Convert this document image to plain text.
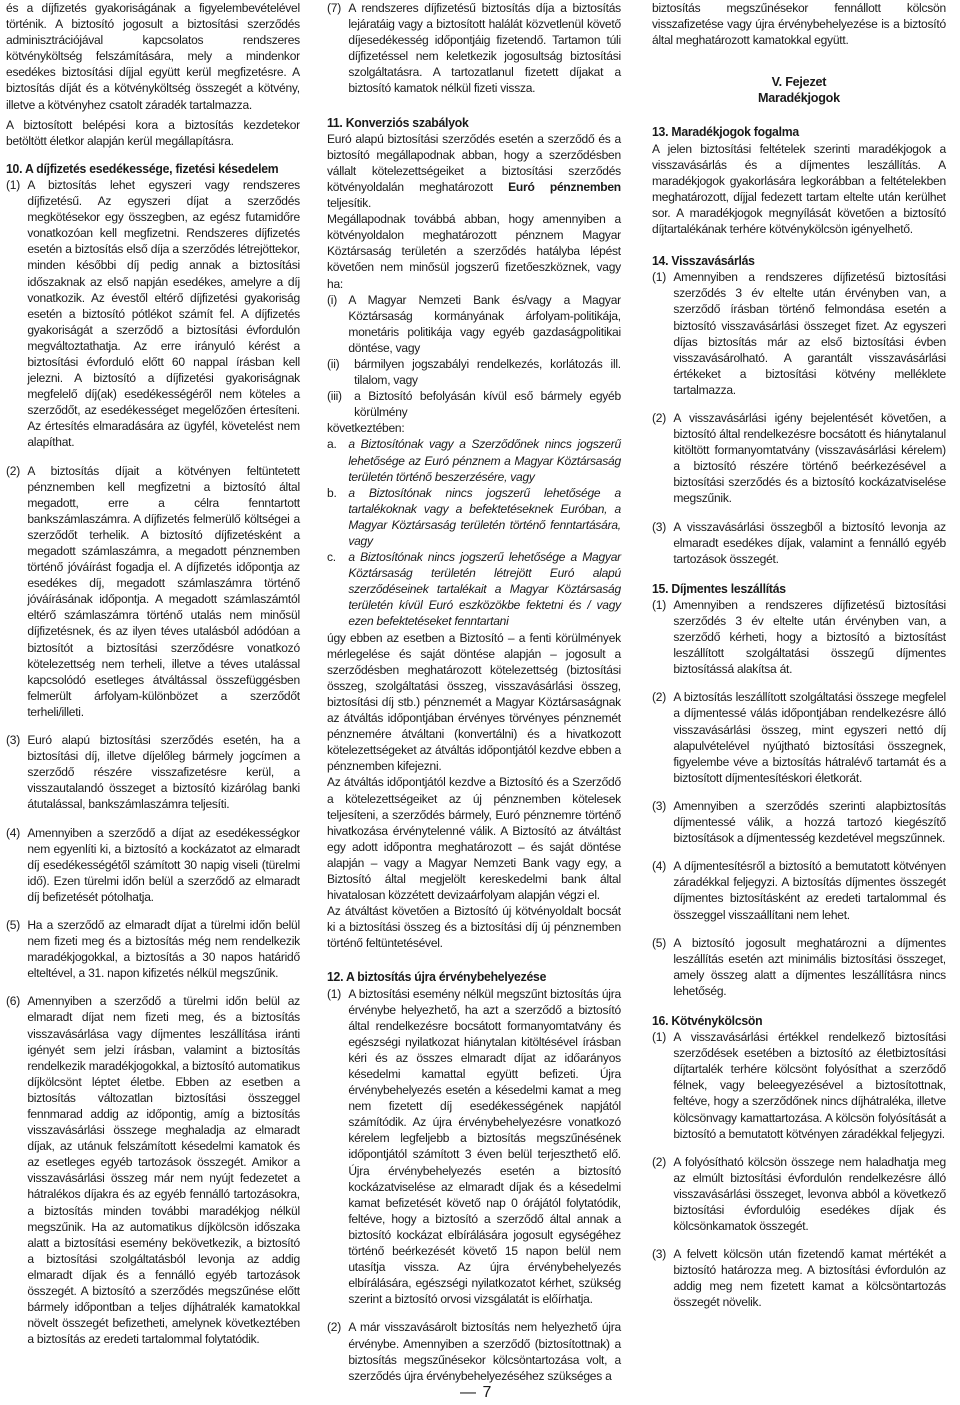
és a díjfizetés gyakoriságának a figyelembevételével történik. A biztosító jogosult a biztosítási szerződés adminisztrációjával kapcsolatos rendszeres kötvényköltség felszámítására, mely a mindenkor esedékes biztosítási díjjal együtt kerül megfizetésre. A biztosítás díját és a kötvényköltség összegét a kötvény, illetve a kötvényhez csatolt záradék tartalmazza.

A biztosított belépési kora a biztosítás kezdetekor betöltött életkor alapján kerül megállapításra.

10. A díjfizetés esedékessége, fizetési késedelem
(1) A biztosítás lehet egyszeri vagy rendszeres díjfizetésű. Az egyszeri díjat a szerződés megkötésekor egy összegben, az egész futamidőre vonatkozóan kell megfizetni. Rendszeres díjfizetés esetén a biztosítás első díja a szerződés létrejöttekor, minden későbbi díj pedig annak a biztosítási időszaknak az első napján esedékes, amelyre a díj vonatkozik. Az évestől eltérő díjfizetési gyakoriság esetén a biztosító pótlékot számít fel. A díjfizetés gyakoriságát a szerződő a biztosítási évfordulón megváltoztathatja. Az erre irányuló kérést a biztosítási évforduló előtt 60 nappal írásban kell jelezni. A biztosító a díjfizetési gyakoriságnak megfelelő díj(ak) esedékességéről nem köteles a szerződőt, az esedékességet megelőzően értesíteni. Az értesítés elmaradására az ügyfél, követelést nem alapíthat.
(2) A biztosítás díjait a kötvényen feltüntetett pénznemben kell megfizetni a biztosító által megadott, erre a célra fenntartott bankszámlaszámra. A díjfizetés felmerülő költségei a szerződőt terhelik. A biztosító díjfizetésként a megadott számlaszámra, a megadott pénznemben történő jóváírást fogadja el. A díjfizetés időpontja az esedékes díj, megadott számlaszámra történő jóváírásának időpontja. A megadott számlaszámtól eltérő számlaszámra történő utalás nem minősül díjfizetésnek, és az ilyen téves utalásból adódóan a biztosítót a biztosítási szerződésre vonatkozó kötelezettség nem terheli, illetve a téves utalással kapcsolódó esetleges átváltással összefüggésben felmerült árfolyam-különbözet a szerződőt terheli/illeti.
(3) Euró alapú biztosítási szerződés esetén, ha a biztosítási díj, illetve díjelőleg bármely jogcímen a szerződő részére visszafizetésre kerül, a visszautalandó összeget a biztosító kizárólag banki átutalással, bankszámlaszámra teljesíti.
(4) Amennyiben a szerződő a díjat az esedékességkor nem egyenlíti ki, a biztosító a kockázatot az elmaradt díj esedékességétől számított 30 napig viseli (türelmi idő). Ezen türelmi időn belül a szerződő az elmaradt díj befizetését pótolhatja.
(5) Ha a szerződő az elmaradt díjat a türelmi időn belül nem fizeti meg és a biztosítás még nem rendelkezik maradékjogokkal, a biztosítás a 30 napos határidő elteltével, a 31. napon kifizetés nélkül megszűnik.
(6) Amennyiben a szerződő a türelmi időn belül az elmaradt díjat nem fizeti meg, és a biztosítás visszavásárlása vagy díjmentes leszállítása iránti igényét sem jelzi írásban, valamint a biztosítás rendelkezik maradékjogokkal, a biztosító automatikus díjkölcsönt léptet életbe. Ebben az esetben a biztosítás változatlan biztosítási összeggel fennmarad addig az időpontig, amíg a biztosítás visszavásárlási összege meghaladja az elmaradt díjak, az utánuk felszámított késedelmi kamatok és az esetleges egyéb tartozások összegét. Amikor a visszavásárlási összeg már nem nyújt fedezetet a hátralékos díjakra és az egyéb fennálló tartozásokra, a biztosítás minden további maradékjog nélkül megszűnik. Ha az automatikus díjkölcsön időszaka alatt a biztosítási esemény bekövetkezik, a biztosító a biztosítási szolgáltatásból levonja az addig elmaradt díjak és a fennálló egyéb tartozások összegét. A biztosító a szerződés megszűnése előtt bármely időpontban a teljes díjhátralék kamatokkal növelt összegét befizetheti, amelynek következtében a biztosítás az eredeti tartalommal folytatódik.
(7) A rendszeres díjfizetésű biztosítás díja a biztosítás lejáratáig vagy a biztosított halálát közvetlenül követő díjesedékesség időpontjáig fizetendő. Tartamon túli díjfizetéssel nem keletkezik jogosultság biztosítási szolgáltatásra. A tartozatlanul fizetett díjakat a biztosító kamatok nélkül fizeti vissza.
11. Konverziós szabályok

Euró alapú biztosítási szerződés esetén a szerződő és a biztosító megállapodnak abban, hogy a szerződésben vállalt kötelezettségeiket a biztosítási szerződés kötvényoldalán meghatározott Euró pénznemben teljesítik.

Megállapodnak továbbá abban, hogy amennyiben a kötvényoldalon meghatározott pénznem Magyar Köztársaság területén a szerződés hatályba lépést követően nem minősül jogszerű fizetőeszköznek, vagy ha:

(i) A Magyar Nemzeti Bank és/vagy a Magyar Köztársaság kormányának árfolyam-politikája, monetáris politikája vagy egyéb gazdaságpolitikai döntése, vagy
(ii)	bármilyen jogszabályi rendelkezés, korlátozás ill. tilalom, vagy
(iii) a Biztosító befolyásán kívül eső bármely egyéb körülmény

következtében:

a. a Biztosítónak vagy a Szerződőnek nincs jogszerű lehetősége az Euró pénznem a Magyar Köztársaság területén történő beszerzésére, vagy
b. a Biztosítónak nincs jogszerű lehetősége a tartalékoknak vagy a befektetéseknek Euróban, a Magyar Köztársaság területén történő fenntartására, vagy
c.	a Biztosítónak nincs jogszerű lehetősége a Magyar Köztársaság területén létrejött Euró alapú szerződéseinek tartalékait a Magyar Köztársaság területén kívül Euró eszközökbe fektetni és / vagy ezen befektetéseket fenntartani

úgy ebben az esetben a Biztosító – a fenti körülmények mérlegelése és saját döntése alapján – jogosult a szerződésben meghatározott kötelezettség (biztosítási összeg, szolgáltatási összeg, visszavásárlási összeg, biztosítási díj stb.) pénznemét a Magyar Köztársaságnak az átváltás időpontjában érvényes törvényes pénznemét pénznemére átváltani (konvertálni) és a hivatkozott kötelezettségeket az átváltás időpontjától kezdve ebben a pénznemben kifejezni.

Az átváltás időpontjától kezdve a Biztosító és a Szerződő a kötelezettségeiket az új pénznemben kötelesek teljesíteni, a szerződés bármely, Euró pénznemre történő hivatkozása érvénytelenné válik. A Biztosító az átváltást egy adott időpontra meghatározott – és saját döntése alapján – vagy a Magyar Nemzeti Bank vagy egy, a Biztosító által megjelölt kereskedelmi bank által hivatalosan közzétett devizaárfolyam alapján végzi el.

Az átváltást követően a Biztosító új kötvényoldalt bocsát ki a biztosítási összeg és a biztosítási díj új pénznemben történő feltüntetésével.

12. A biztosítás újra érvénybehelyezése
(1) A biztosítási esemény nélkül megszűnt biztosítás újra érvénybe helyezhető, ha azt a szerződő a biztosító által rendelkezésre bocsátott formanyomtatvány és egészségi nyilatkozat hiánytalan kitöltésével írásban kéri és az összes elmaradt díjat az időarányos késedelmi kamattal együtt befizeti. Újra érvénybehelyezés esetén a késedelmi kamat a meg nem fizetett díj esedékességének napjától számítódik. Az újra érvénybehelyezésre vonatkozó kérelem legfeljebb a biztosítás megszűnésének időpontjától számított 3 éven belül terjeszthető elő. Újra érvénybehelyezés esetén a biztosító kockázatviselése az elmaradt díjak és a késedelmi kamat befizetését követő nap 0 órájától folytatódik, feltéve, hogy a biztosító a szerződő által annak a biztosító kockázat elbírálására jogosult egységéhez történő beérkezését követő 15 napon belül nem utasítja vissza. Az újra érvénybehelyezés elbírálására, egészségi nyilatkozatot kérhet, szükség szerint a biztosító orvosi vizsgálatát is előírhatja.
(2) A már visszavásárolt biztosítás nem helyezhető újra érvénybe. Amennyiben a szerződő (biztosítottnak) a biztosítás megszűnésekor kölcsöntartozása volt, a szerződés újra érvénybehelyezéséhez szükséges a

biztosítás megszűnésekor fennállott kölcsön visszafizetése vagy újra érvénybehelyezése is a biztosító által meghatározott kamatokkal együtt.

V. Fejezet
Maradékjogok
13. Maradékjogok fogalma

A jelen biztosítási feltételek szerinti maradékjogok a visszavásárlás és a díjmentes leszállítás. A maradékjogok gyakorlására legkorábban a feltételekben meghatározott, díjjal fedezett tartam eltelte után kerülhet sor. A maradékjogok megnyílását követően a biztosító díjtartalékának terhére kötvénykölcsön igényelhető.

14. Visszavásárlás
(1) Amennyiben a rendszeres díjfizetésű biztosítási szerződés 3 év eltelte után érvényben van, a szerződő írásban történő felmondása esetén a biztosító visszavásárlási összeget fizet. Az egyszeri díjas biztosítás már az első biztosítási évben visszavásárolható. A garantált visszavásárlási értékeket a biztosítási kötvény melléklete tartalmazza.
(2) A visszavásárlási igény bejelentését követően, a biztosító által rendelkezésre bocsátott és hiánytalanul kitöltött formanyomtatvány (visszavásárlási kérelem) a biztosító részére történő beérkezésével a biztosítási szerződés és a biztosító kockázatviselése megszűnik.
(3) A visszavásárlási összegből a biztosító levonja az elmaradt esedékes díjak, valamint a fennálló egyéb tartozások összegét.
15. Díjmentes leszállítás
(1) Amennyiben a rendszeres díjfizetésű biztosítási szerződés 3 év eltelte után érvényben van, a szerződő kérheti, hogy a biztosító a biztosítást leszállított szolgáltatási összegű díjmentes biztosítássá alakítsa át.
(2) A biztosítás leszállított szolgáltatási összege megfelel a díjmentessé válás időpontjában rendelkezésre álló visszavásárlási összeg, mint egyszeri nettó díj alapulvételével nyújtható biztosítási összegnek, figyelembe véve a biztosítás hátralévő tartamát és a biztosított díjmentesítéskori életkorát.
(3) Amennyiben a szerződés szerinti alapbiztosítás díjmentessé válik, a hozzá tartozó kiegészítő biztosítások a díjmentesség kezdetével megszűnnek.
(4) A díjmentesítésről a biztosító a bemutatott kötvényen záradékkal feljegyzi. A biztosítás díjmentes összegét díjmentes biztosításként az eredeti tartalommal és összeggel visszaállítani nem lehet.
(5) A biztosító jogosult meghatározni a díjmentes leszállítás esetén azt minimális biztosítási összeget, amely összeg alatt a díjmentes leszállításra nincs lehetőség.
16. Kötvénykölcsön
(1) A visszavásárlási értékkel rendelkező biztosítási szerződések esetében a biztosító az életbiztosítási díjtartalék terhére kölcsönt folyósíthat a szerződő félnek, vagy beleegyezésével a biztosítottnak, feltéve, hogy a szerződőnek nincs díjhátraléka, illetve kölcsönvagy kamattartozása. A kölcsön folyósítását a biztosító a bemutatott kötvényen záradékkal feljegyzi.
(2) A folyósítható kölcsön összege nem haladhatja meg az elmúlt biztosítási évfordulón rendelkezésre álló visszavásárlási összeget, levonva abból a következő biztosítási évfordulóig esedékes díjak és kölcsönkamatok összegét.
(3) A felvett kölcsön után fizetendő kamat mértékét a biztosító határozza meg. A biztosítási évfordulón az addig meg nem fizetett kamat a kölcsöntartozás összegét növelik.
— 7
